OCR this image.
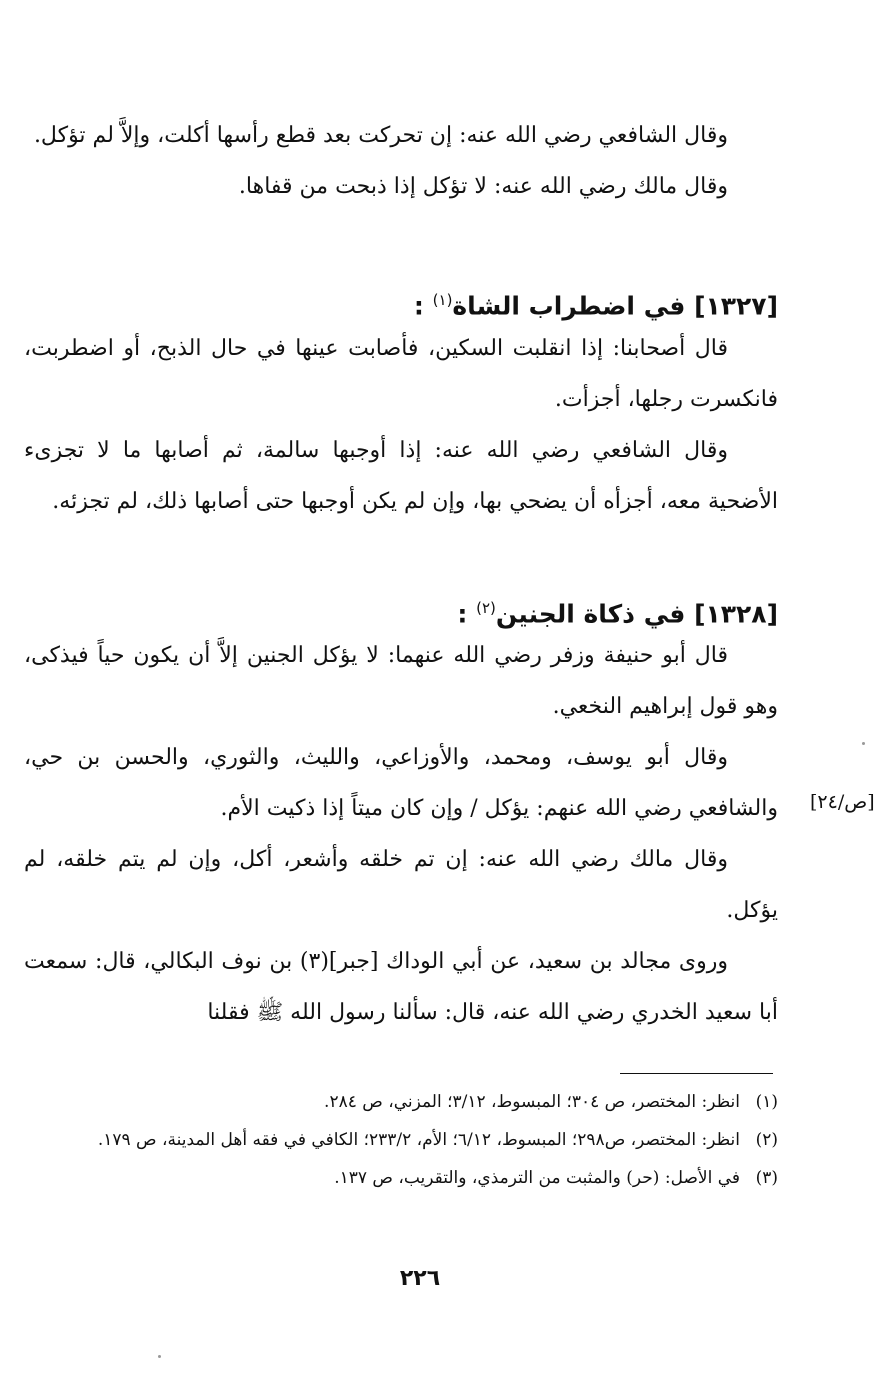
وقال الشافعي رضي الله عنه: إن تحركت بعد قطع رأسها أكلت، وإلاَّ لم تؤكل.

وقال مالك رضي الله عنه: لا تؤكل إذا ذبحت من قفاها.

[١٣٢٧] في اضطراب الشاة$^{(١)}$ :

قال أصحابنا: إذا انقلبت السكين، فأصابت عينها في حال الذبح، أو اضطربت، فانكسرت رجلها، أجزأت.

وقال الشافعي رضي الله عنه: إذا أوجبها سالمة، ثم أصابها ما لا تجزىء الأضحية معه، أجزأه أن يضحي بها، وإن لم يكن أوجبها حتى أصابها ذلك، لم تجزئه.

[١٣٢٨] في ذكاة الجنين$^{(٢)}$ :

قال أبو حنيفة وزفر رضي الله عنهما: لا يؤكل الجنين إلاَّ أن يكون حياً فيذكى، وهو قول إبراهيم النخعي.

وقال أبو يوسف، ومحمد، والأوزاعي، والليث، والثوري، والحسن بن حي، والشافعي رضي الله عنهم: يؤكل / وإن كان ميتاً إذا ذكيت الأم.

وقال مالك رضي الله عنه: إن تم خلقه وأشعر، أكل، وإن لم يتم خلقه، لم يؤكل.

وروى مجالد بن سعيد، عن أبي الوداك [جبر](٣) بن نوف البكالي، قال: سمعت أبا سعيد الخدري رضي الله عنه، قال: سألنا رسول الله ﷺ فقلنا

[ص/٢٤]
(١)
انظر: المختصر، ص ٣٠٤؛ المبسوط، ٣/١٢؛ المزني، ص ٢٨٤.
(٢)
انظر: المختصر، ص٢٩٨؛ المبسوط، ٦/١٢؛ الأم، ٢٣٣/٢؛ الكافي في فقه أهل المدينة، ص ١٧٩.
(٣)
في الأصل: (حر) والمثبت من الترمذي، والتقريب، ص ١٣٧.
٢٢٦
